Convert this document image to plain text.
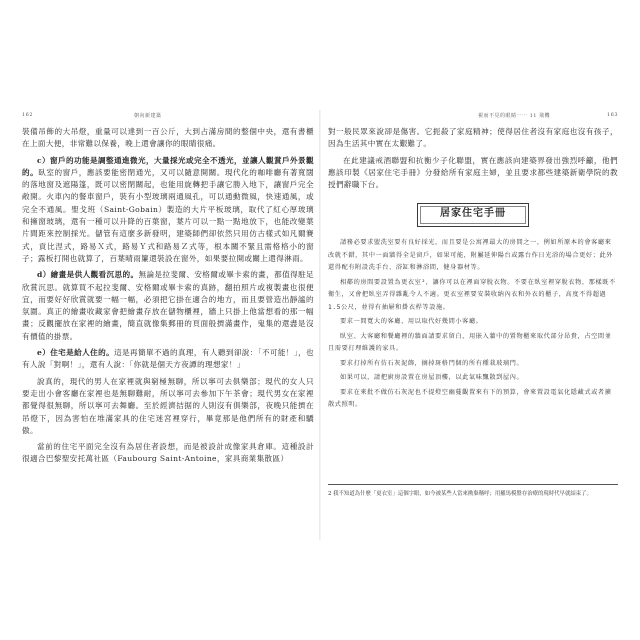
162	朝向新建築

裝備吊飾的大吊燈，重量可以達到一百公斤，大到占滿房間的整個中央，還有書櫃在上面大便，非常難以保養，晚上還會讓你的眼睛很痛。

c）窗戶的功能是調整通進微光，大量採光或完全不透光，並讓人觀賞戶外景觀的。臥室的窗戶，應該要能密閉通光，又可以隨意開關。現代化的咖啡廳有著寬闊的落地窗及遮陽篷，既可以密閉關起，也能用旋轉把手讓它勝入地下，讓窗戶完全敞開。火車內的餐車窗戶，裝有小型玻璃兩通風孔，可以通動微風，快速通風，或完全不通風。聖戈班（Saint-Gobain）製造的大片平板玻璃，取代了紅心厚玻璃和擁窗玻璃，還有一種可以升降的百葉窗，葉片可以一點一點地放下，也能改變葉片間距來控制採光。儲管有這麼多新發明，建築師們卻依然只用仿古樣式如凡爾賽式，貢比涅式，路易Ｘ式，路易Ｙ式和路易Ｚ式等，根本關不緊且需格格小的窗子；露板打開也就算了，百葉晴雨簾還裝設在窗外，如果要拉開或關上還得淋雨。

d）繪畫是供人觀看沉思的。無論是拉斐爾、安格爾或畢卡索的畫，都值得駐足欣賞沉思。就算買不起拉斐爾、安格爾或畢卡索的真跡，翻拍照片或複製畫也很便宜，而要好好欣賞就要一幅一幅，必須把它掛在適合的地方，而且要營造出靜謐的氛圍。真正的繪畫收藏家會把繪畫存放在儲物櫃裡，牆上只掛上他當想看的那一幅畫；反觀擺放在家裡的繪畫，簡直就像集郵冊的頁面般擠滿畫作，鬼集的還盡是沒有價值的掛票。

e）住宅是給人住的。這是再簡單不過的真理，有人聽到卻說：「不可能！」，也有人說「對啊！」，還有人說：「你就是個天方夜譚的理想家！」

說真的，現代的男人在家裡就與窮極無聊，所以寧可去俱樂部；現代的女人只要走出小會客廳在家裡也是無聊難耐，所以寧可去參加下午茶會；現代男女在家裡都覺得很無聊，所以寧可去舞廳。至於經濟拮据的人則沒有俱樂部，夜晚只能擠在吊燈下，因為害怕在堆滿家具的住宅迷宮裡穿行，畢竟那是他們所有的財產和驕傲。

當前的住宅平面完全沒有為居住者設想，而是被設計成像家具倉庫。這種設計很適合巴黎聖安托萬社區（Faubourg Saint-Antoine，家具商業集散區）

視而不見的眼睛⋯⋯ 11 飛機	163

對一般民眾來說卻是傷害。它扼殺了家庭精神；使得居住者沒有家庭也沒有孩子，因為生活其中實在太艱難了。

在此建議戒酒聯盟和抗衡少子化聯盟，實在應該向建築界發出強烈呼籲，他們應該印製《居家住宅手冊》分發給所有家庭主婦，並且要求都些建築新衛學院的教授們辭職下台。

居家住宅手冊

請務必要求盥洗室要有良好採光，而且要是公寓裡最大的房間之一，例如所原本的會客廳來改就不錯，其中一面牆得全是窗戶，如果可能，附屬延伸陽台或露台作日光浴的場合更好；此外還得配有附設洗手台、浴缸和淋浴間，健身器材等。

相鄰的房間要設置為更衣室²，讓你可以在裡面穿脫衣物。不要在臥室裡穿脫衣物，那樣既不衛生，又會把臥室弄得雜亂令人不適。更衣室裡要安裝收納內衣和外衣的櫃子，高度不得超過1.5公尺，並得有抽屜和掛衣桿等設施。

要求一間寬大的客廳，用以取代好幾間小客廳。

臥室、大客廳和餐廳裡的牆面請要求留白，用嵌入牆中的置物櫃來取代部分昂貴，占空間並且需要打理維護的家具。

要求打掉所有仿石灰泥飾，摘掉斑格門個的所有種栽玻璃門。

如果可以，請把廚房設置在房屋頂樓，以此氣味飄散到屋內。

要求在來批不做仿石灰泥也不提燈空幽蔓觀置來有下的預算，會來置設電氣化隱藏式或者擴散式照明。

2 我不知道為什麼「更衣室」這個字眼，如今被某些人當來拗棄稱呼；用羅馬模盤存治療的現時代早就結束了。
